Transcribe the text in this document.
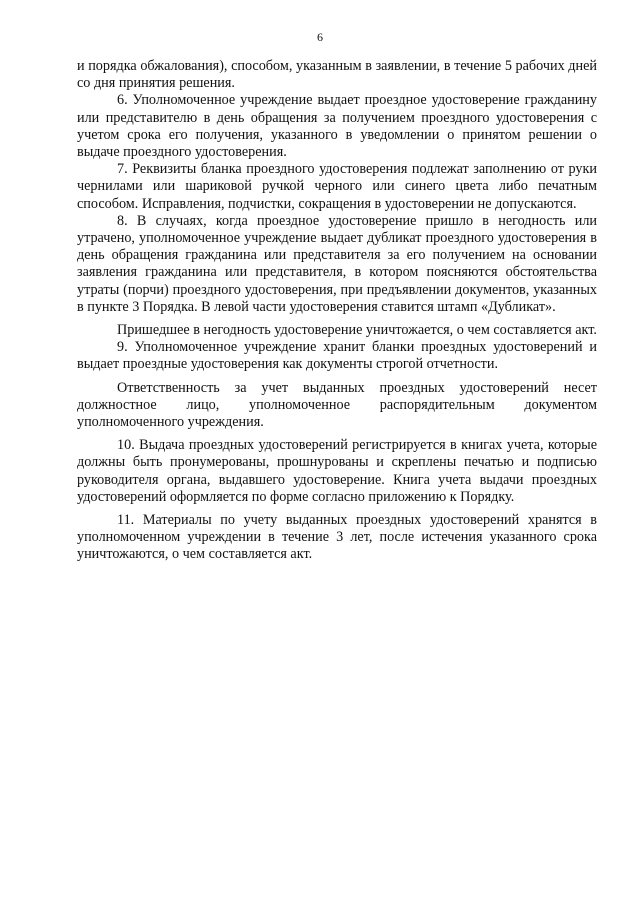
6

и порядка обжалования), способом, указанным в заявлении, в течение 5 рабочих дней со дня принятия решения.

6. Уполномоченное учреждение выдает проездное удостоверение гражданину или представителю в день обращения за получением проездного удостоверения с учетом срока его получения, указанного в уведомлении о принятом решении о выдаче проездного удостоверения.

7. Реквизиты бланка проездного удостоверения подлежат заполнению от руки чернилами или шариковой ручкой черного или синего цвета либо печатным способом. Исправления, подчистки, сокращения в удостоверении не допускаются.

8. В случаях, когда проездное удостоверение пришло в негодность или утрачено, уполномоченное учреждение выдает дубликат проездного удостоверения в день обращения гражданина или представителя за его получением на основании заявления гражданина или представителя, в котором поясняются обстоятельства утраты (порчи) проездного удостоверения, при предъявлении документов, указанных в пункте 3 Порядка. В левой части удостоверения ставится штамп «Дубликат».

Пришедшее в негодность удостоверение уничтожается, о чем составляется акт.

9. Уполномоченное учреждение хранит бланки проездных удостоверений и выдает проездные удостоверения как документы строгой отчетности.

Ответственность за учет выданных проездных удостоверений несет должностное лицо, уполномоченное распорядительным документом уполномоченного учреждения.

10. Выдача проездных удостоверений регистрируется в книгах учета, которые должны быть пронумерованы, прошнурованы и скреплены печатью и подписью руководителя органа, выдавшего удостоверение. Книга учета выдачи проездных удостоверений оформляется по форме согласно приложению к Порядку.

11. Материалы по учету выданных проездных удостоверений хранятся в уполномоченном учреждении в течение 3 лет, после истечения указанного срока уничтожаются, о чем составляется акт.
